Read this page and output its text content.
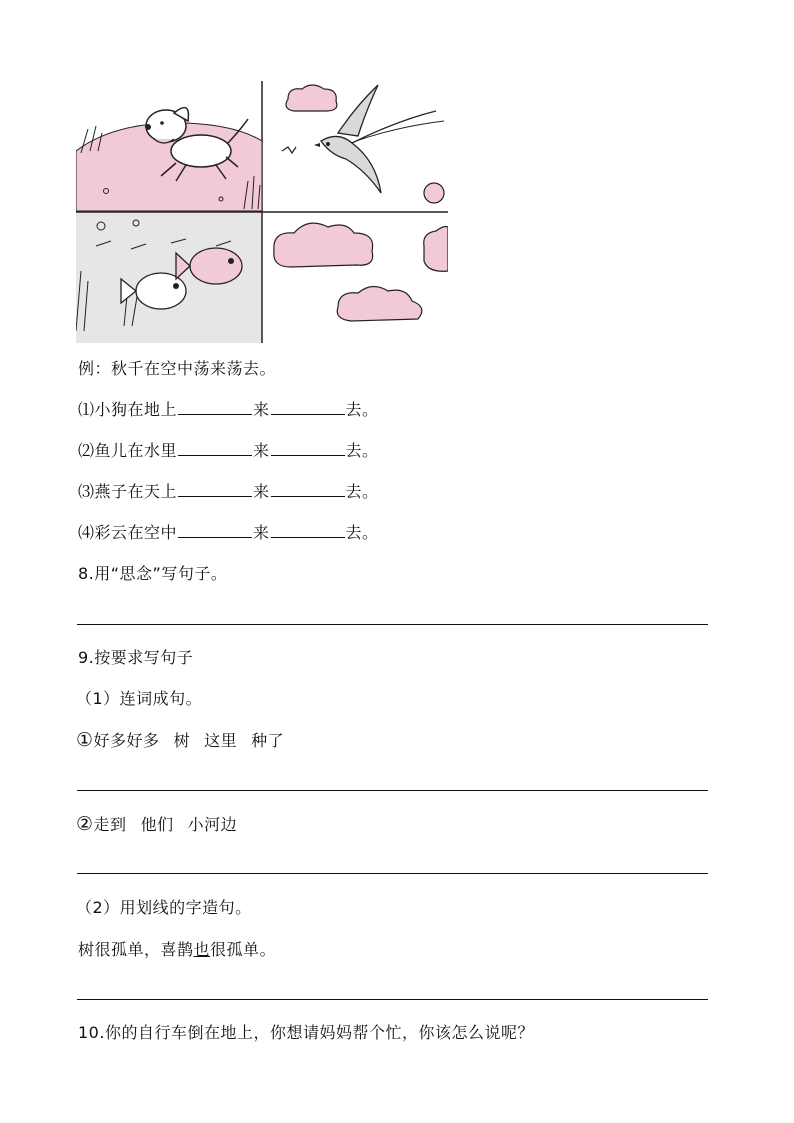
例：秋千在空中荡来荡去。
⑴小狗在地上	来	去。
⑵鱼儿在水里	来	去。
⑶燕子在天上	来	去。
⑷彩云在空中	来	去。
8.用“思念”写句子。
9.按要求写句子
（1）连词成句。
①好多好多 树 这里 种了
②走到 他们 小河边
（2）用划线的字造句。
树很孤单，喜鹊也很孤单。
10.你的自行车倒在地上，你想请妈妈帮个忙，你该怎么说呢？
